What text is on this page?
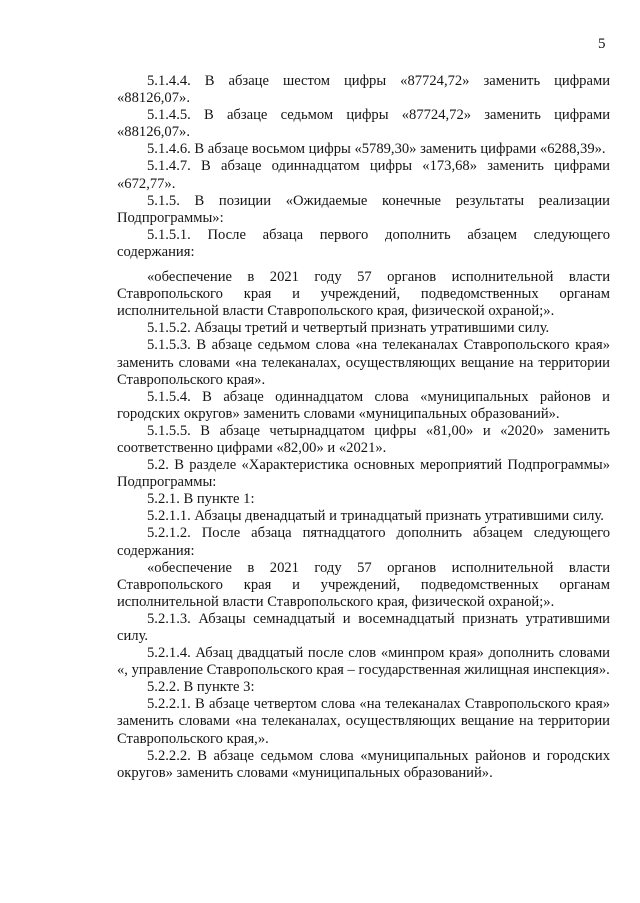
5

5.1.4.4. В абзаце шестом цифры «87724,72» заменить цифрами «88126,07».

5.1.4.5. В абзаце седьмом цифры «87724,72» заменить цифрами «88126,07».

5.1.4.6. В абзаце восьмом цифры «5789,30» заменить цифрами «6288,39».

5.1.4.7. В абзаце одиннадцатом цифры «173,68» заменить цифрами «672,77».

5.1.5. В позиции «Ожидаемые конечные результаты реализации Подпрограммы»:

5.1.5.1. После абзаца первого дополнить абзацем следующего содержания:

«обеспечение в 2021 году 57 органов исполнительной власти Ставропольского края и учреждений, подведомственных органам исполнительной власти Ставропольского края, физической охраной;».

5.1.5.2. Абзацы третий и четвертый признать утратившими силу.

5.1.5.3. В абзаце седьмом слова «на телеканалах Ставропольского края» заменить словами «на телеканалах, осуществляющих вещание на территории Ставропольского края».

5.1.5.4. В абзаце одиннадцатом слова «муниципальных районов и городских округов» заменить словами «муниципальных образований».

5.1.5.5. В абзаце четырнадцатом цифры «81,00» и «2020» заменить соответственно цифрами «82,00» и «2021».

5.2. В разделе «Характеристика основных мероприятий Подпрограммы» Подпрограммы:

5.2.1. В пункте 1:

5.2.1.1. Абзацы двенадцатый и тринадцатый признать утратившими силу.

5.2.1.2. После абзаца пятнадцатого дополнить абзацем следующего содержания:

«обеспечение в 2021 году 57 органов исполнительной власти Ставропольского края и учреждений, подведомственных органам исполнительной власти Ставропольского края, физической охраной;».

5.2.1.3. Абзацы семнадцатый и восемнадцатый признать утратившими силу.

5.2.1.4. Абзац двадцатый после слов «минпром края» дополнить словами «, управление Ставропольского края – государственная жилищная инспекция».

5.2.2. В пункте 3:

5.2.2.1. В абзаце четвертом слова «на телеканалах Ставропольского края» заменить словами «на телеканалах, осуществляющих вещание на территории Ставропольского края,».

5.2.2.2. В абзаце седьмом слова «муниципальных районов и городских округов» заменить словами «муниципальных образований».
